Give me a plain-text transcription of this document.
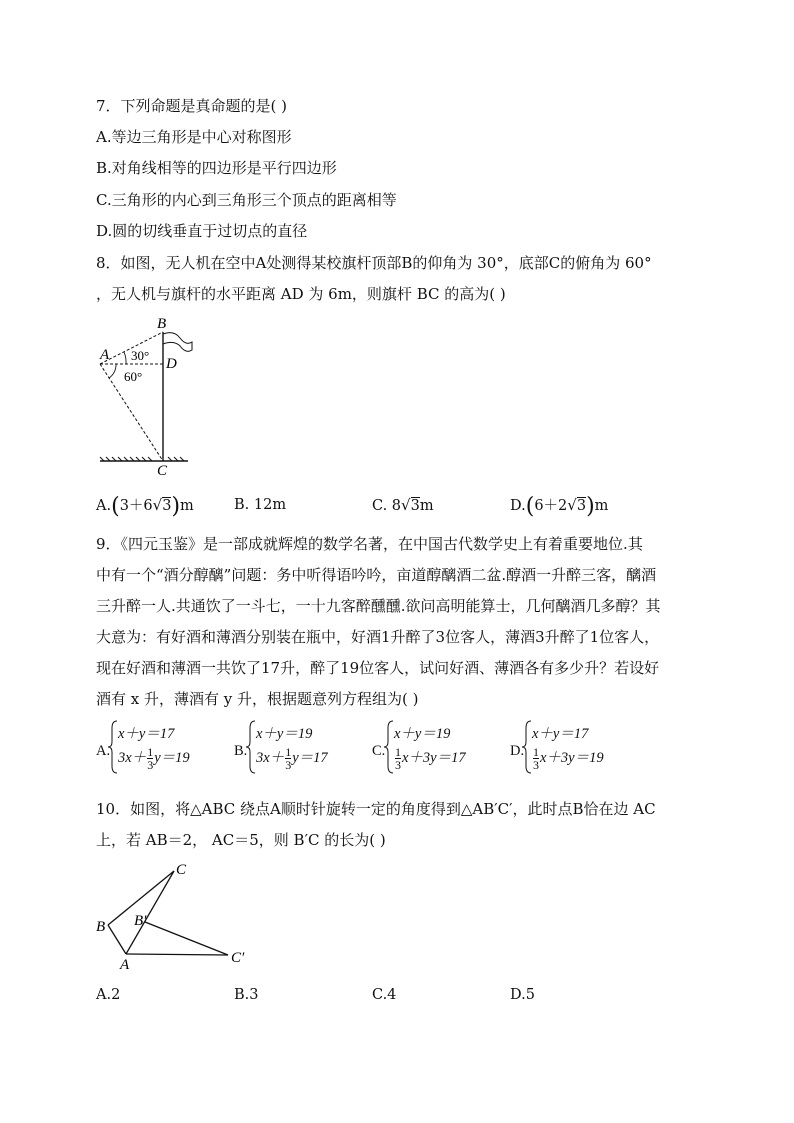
7．下列命题是真命题的是( )
A.等边三角形是中心对称图形
B.对角线相等的四边形是平行四边形
C.三角形的内心到三角形三个顶点的距离相等
D.圆的切线垂直于过切点的直径
8．如图，无人机在空中A处测得某校旗杆顶部B的仰角为 30°，底部C的俯角为 60°
，无人机与旗杆的水平距离 AD 为 6m，则旗杆 BC 的高为( )
B
A
D
C
30°
60°
A.(3＋6√3)m	B. 12m	C. 8√3m	D.(6＋2√3)m
9．《四元玉鉴》是一部成就辉煌的数学名著，在中国古代数学史上有着重要地位.其
中有一个“酒分醇醨”问题：务中听得语吟吟，亩道醇醨酒二盆.醇酒一升醉三客，醨酒
三升醉一人.共通饮了一斗七，一十九客醉醺醺.欲问高明能算士，几何醨酒几多醇？其
大意为：有好酒和薄酒分别装在瓶中，好酒1升醉了3位客人，薄酒3升醉了1位客人，
现在好酒和薄酒一共饮了17升，醉了19位客人，试问好酒、薄酒各有多少升？若设好
酒有 x 升，薄酒有 y 升，根据题意列方程组为( )
A.
x＋y＝17
$3x+ \frac{1}{3} y=19$	B.
x＋y＝19
$3x+ \frac{1}{3} y=17$	C.
x＋y＝19
$\frac{1}{3} x+3y=17$	D.
x＋y＝17
$\frac{1}{3} x+3y=19$
10．如图，将△ABC 绕点A顺时针旋转一定的角度得到△AB′C′，此时点B恰在边 AC
上，若 AB＝2， AC＝5，则 B′C 的长为( )
C
B B′
A	C′
A.2	B.3	C.4	D.5
